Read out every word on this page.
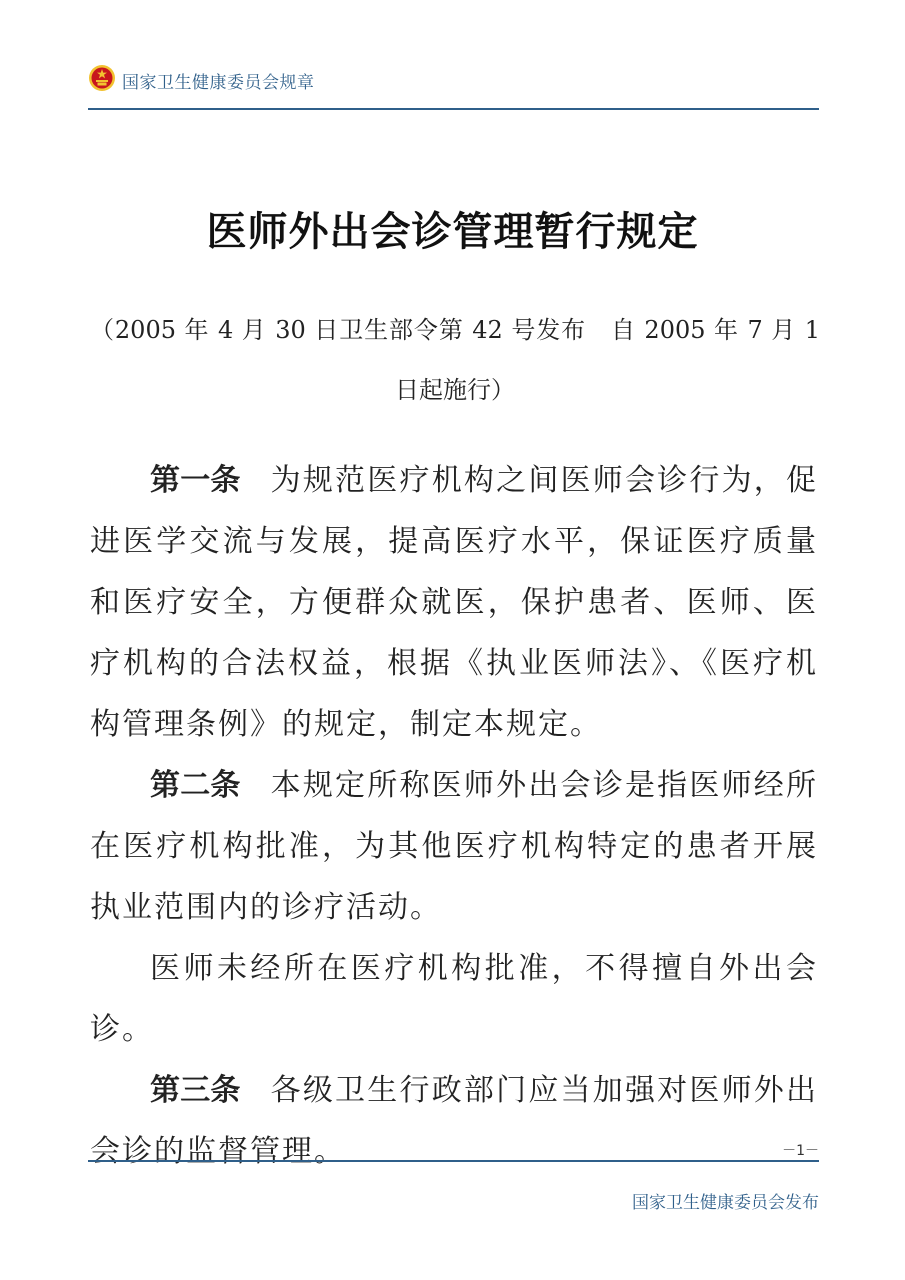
国家卫生健康委员会规章
医师外出会诊管理暂行规定
（2005 年 4 月 30 日卫生部令第 42 号发布　自 2005 年 7 月 1 日起施行）

第一条 为规范医疗机构之间医师会诊行为，促进医学交流与发展，提高医疗水平，保证医疗质量和医疗安全，方便群众就医，保护患者、医师、医疗机构的合法权益，根据《执业医师法》、《医疗机构管理条例》的规定，制定本规定。

第二条 本规定所称医师外出会诊是指医师经所在医疗机构批准，为其他医疗机构特定的患者开展执业范围内的诊疗活动。

医师未经所在医疗机构批准，不得擅自外出会诊。

第三条 各级卫生行政部门应当加强对医师外出会诊的监督管理。	－1－
国家卫生健康委员会发布
